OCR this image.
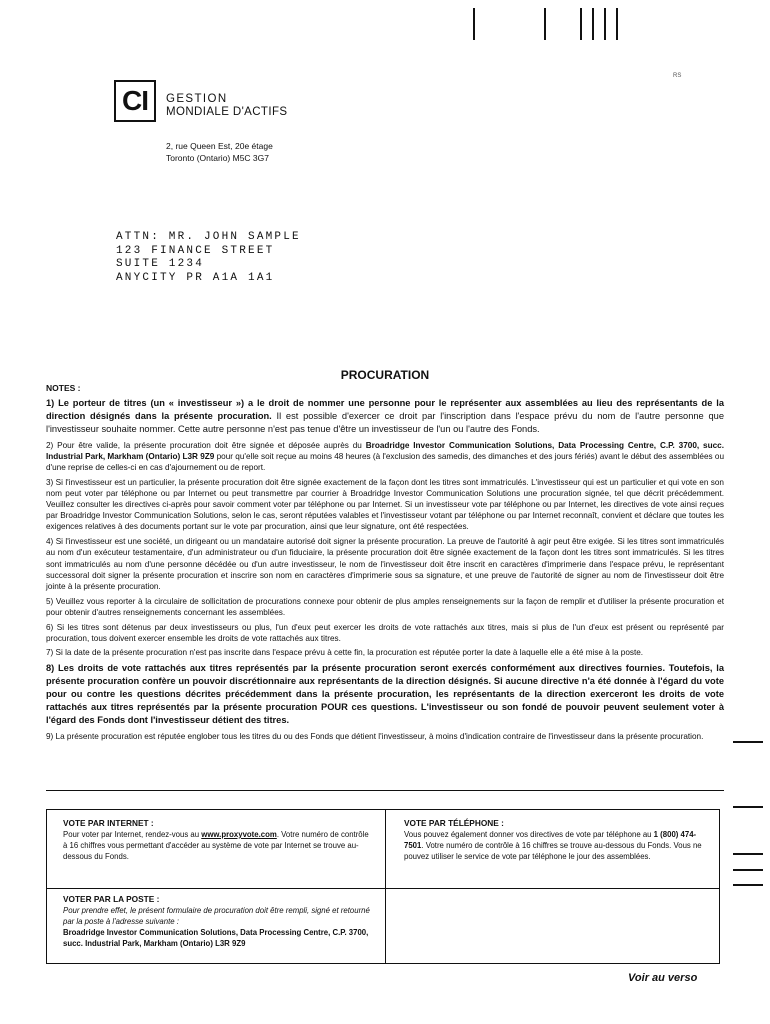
RS
CI GESTION
MONDIALE D'ACTIFS
2, rue Queen Est, 20e étage
Toronto (Ontario) M5C 3G7
ATTN: MR. JOHN SAMPLE
123 FINANCE STREET
SUITE 1234
ANYCITY PR A1A 1A1
PROCURATION
NOTES :

1) Le porteur de titres (un « investisseur ») a le droit de nommer une personne pour le représenter aux assemblées au lieu des représentants de la direction désignés dans la présente procuration. Il est possible d'exercer ce droit par l'inscription dans l'espace prévu du nom de l'autre personne que l'investisseur souhaite nommer. Cette autre personne n'est pas tenue d'être un investisseur de l'un ou l'autre des Fonds.

2) Pour être valide, la présente procuration doit être signée et déposée auprès du Broadridge Investor Communication Solutions, Data Processing Centre, C.P. 3700, succ. Industrial Park, Markham (Ontario) L3R 9Z9 pour qu'elle soit reçue au moins 48 heures (à l'exclusion des samedis, des dimanches et des jours fériés) avant le début des assemblées ou d'une reprise de celles-ci en cas d'ajournement ou de report.

3) Si l'investisseur est un particulier, la présente procuration doit être signée exactement de la façon dont les titres sont immatriculés. L'investisseur qui est un particulier et qui vote en son nom peut voter par téléphone ou par Internet ou peut transmettre par courrier à Broadridge Investor Communication Solutions une procuration signée, tel que décrit précédemment. Veuillez consulter les directives ci-après pour savoir comment voter par téléphone ou par Internet. Si un investisseur vote par téléphone ou par Internet, les directives de vote ainsi reçues par Broadridge Investor Communication Solutions, selon le cas, seront réputées valables et l'investisseur votant par téléphone ou par Internet reconnaît, convient et déclare que toutes les exigences relatives à des documents portant sur le vote par procuration, ainsi que leur signature, ont été respectées.

4) Si l'investisseur est une société, un dirigeant ou un mandataire autorisé doit signer la présente procuration. La preuve de l'autorité à agir peut être exigée. Si les titres sont immatriculés au nom d'un exécuteur testamentaire, d'un administrateur ou d'un fiduciaire, la présente procuration doit être signée exactement de la façon dont les titres sont immatriculés. Si les titres sont immatriculés au nom d'une personne décédée ou d'un autre investisseur, le nom de l'investisseur doit être inscrit en caractères d'imprimerie dans l'espace prévu, le représentant successoral doit signer la présente procuration et inscrire son nom en caractères d'imprimerie sous sa signature, et une preuve de l'autorité de signer au nom de l'investisseur doit être jointe à la présente procuration.

5) Veuillez vous reporter à la circulaire de sollicitation de procurations connexe pour obtenir de plus amples renseignements sur la façon de remplir et d'utiliser la présente procuration et pour obtenir d'autres renseignements concernant les assemblées.

6) Si les titres sont détenus par deux investisseurs ou plus, l'un d'eux peut exercer les droits de vote rattachés aux titres, mais si plus de l'un d'eux est présent ou représenté par procuration, tous doivent exercer ensemble les droits de vote rattachés aux titres.

7) Si la date de la présente procuration n'est pas inscrite dans l'espace prévu à cette fin, la procuration est réputée porter la date à laquelle elle a été mise à la poste.

8) Les droits de vote rattachés aux titres représentés par la présente procuration seront exercés conformément aux directives fournies. Toutefois, la présente procuration confère un pouvoir discrétionnaire aux représentants de la direction désignés. Si aucune directive n'a été donnée à l'égard du vote pour ou contre les questions décrites précédemment dans la présente procuration, les représentants de la direction exerceront les droits de vote rattachés aux titres représentés par la présente procuration POUR ces questions. L'investisseur ou son fondé de pouvoir peuvent seulement voter à l'égard des Fonds dont l'investisseur détient des titres.

9) La présente procuration est réputée englober tous les titres du ou des Fonds que détient l'investisseur, à moins d'indication contraire de l'investisseur dans la présente procuration.

VOTE PAR INTERNET :
Pour voter par Internet, rendez-vous au www.proxyvote.com. Votre numéro de contrôle à 16 chiffres vous permettant d'accéder au système de vote par Internet se trouve au-dessous du Fonds.
VOTE PAR TÉLÉPHONE :
Vous pouvez également donner vos directives de vote par téléphone au 1 (800) 474-7501. Votre numéro de contrôle à 16 chiffres se trouve au-dessous du Fonds. Vous ne pouvez utiliser le service de vote par téléphone le jour des assemblées.
VOTER PAR LA POSTE :
Pour prendre effet, le présent formulaire de procuration doit être rempli, signé et retourné par la poste à l'adresse suivante :
Broadridge Investor Communication Solutions, Data Processing Centre, C.P. 3700, succ. Industrial Park, Markham (Ontario) L3R 9Z9
Voir au verso
